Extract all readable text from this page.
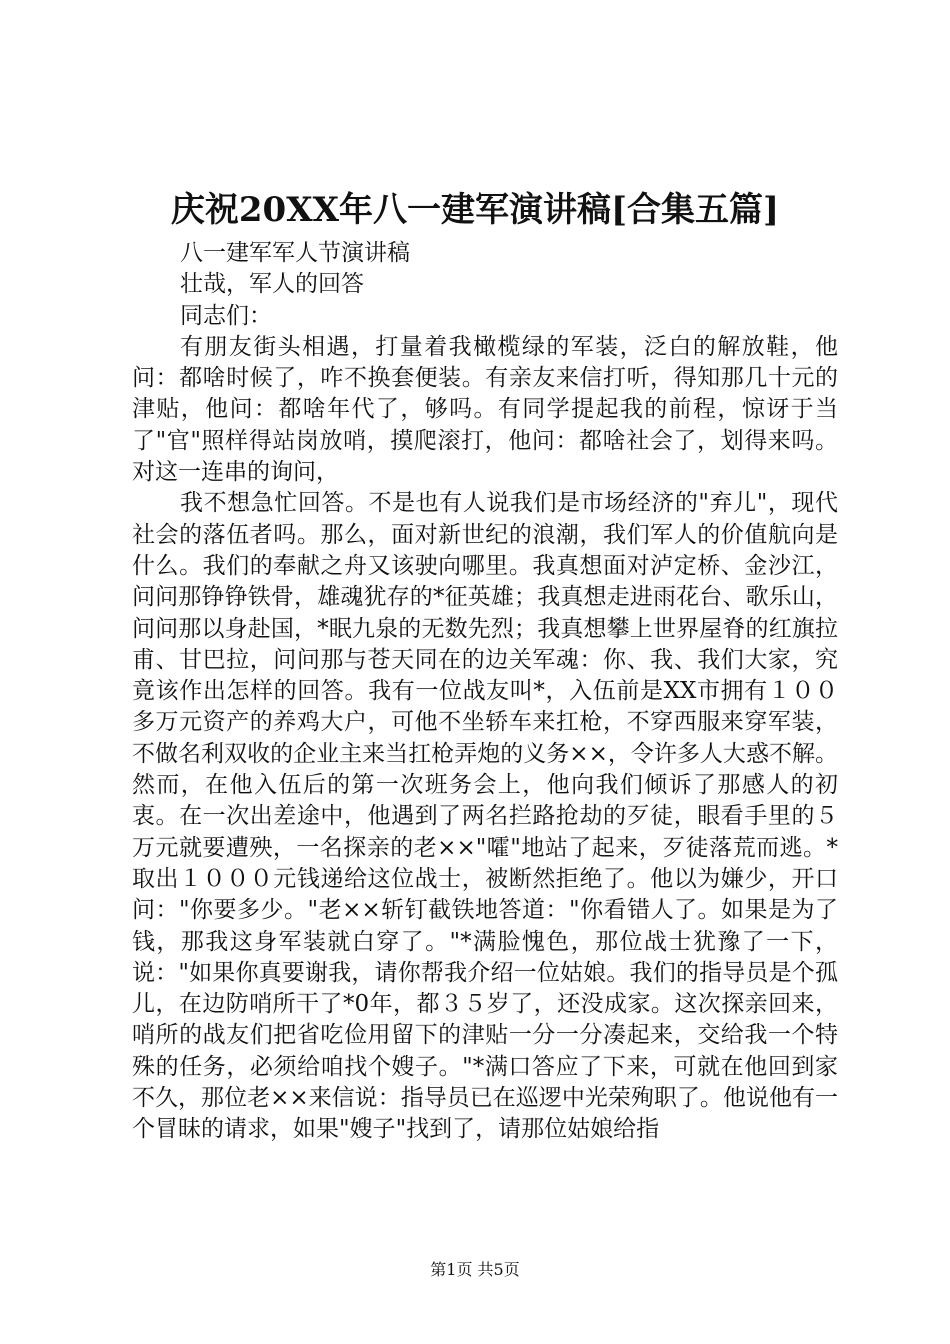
庆祝20XX年八一建军演讲稿[合集五篇]

八一建军军人节演讲稿

壮哉，军人的回答

同志们：

有朋友街头相遇，打量着我橄榄绿的军装，泛白的解放鞋，他问：都啥时候了，咋不换套便装。有亲友来信打听，得知那几十元的津贴，他问：都啥年代了，够吗。有同学提起我的前程，惊讶于当了"官"照样得站岗放哨，摸爬滚打，他问：都啥社会了，划得来吗。对这一连串的询问，

我不想急忙回答。不是也有人说我们是市场经济的"弃儿"，现代社会的落伍者吗。那么，面对新世纪的浪潮，我们军人的价值航向是什么。我们的奉献之舟又该驶向哪里。我真想面对泸定桥、金沙江，问问那铮铮铁骨，雄魂犹存的*征英雄；我真想走进雨花台、歌乐山，问问那以身赴国，*眠九泉的无数先烈；我真想攀上世界屋脊的红旗拉甫、甘巴拉，问问那与苍天同在的边关军魂：你、我、我们大家，究竟该作出怎样的回答。我有一位战友叫*，入伍前是XX市拥有１００多万元资产的养鸡大户，可他不坐轿车来扛枪，不穿西服来穿军装，不做名利双收的企业主来当扛枪弄炮的义务××，令许多人大惑不解。然而，在他入伍后的第一次班务会上，他向我们倾诉了那感人的初衷。在一次出差途中，他遇到了两名拦路抢劫的歹徒，眼看手里的５万元就要遭殃，一名探亲的老××"嚯"地站了起来，歹徒落荒而逃。*取出１０００元钱递给这位战士，被断然拒绝了。他以为嫌少，开口问："你要多少。"老××斩钉截铁地答道："你看错人了。如果是为了钱，那我这身军装就白穿了。"*满脸愧色，那位战士犹豫了一下，说："如果你真要谢我，请你帮我介绍一位姑娘。我们的指导员是个孤儿，在边防哨所干了*0年，都３５岁了，还没成家。这次探亲回来，哨所的战友们把省吃俭用留下的津贴一分一分凑起来，交给我一个特殊的任务，必须给咱找个嫂子。"*满口答应了下来，可就在他回到家不久，那位老××来信说：指导员已在巡逻中光荣殉职了。他说他有一个冒昧的请求，如果"嫂子"找到了，请那位姑娘给指

第1页 共5页
